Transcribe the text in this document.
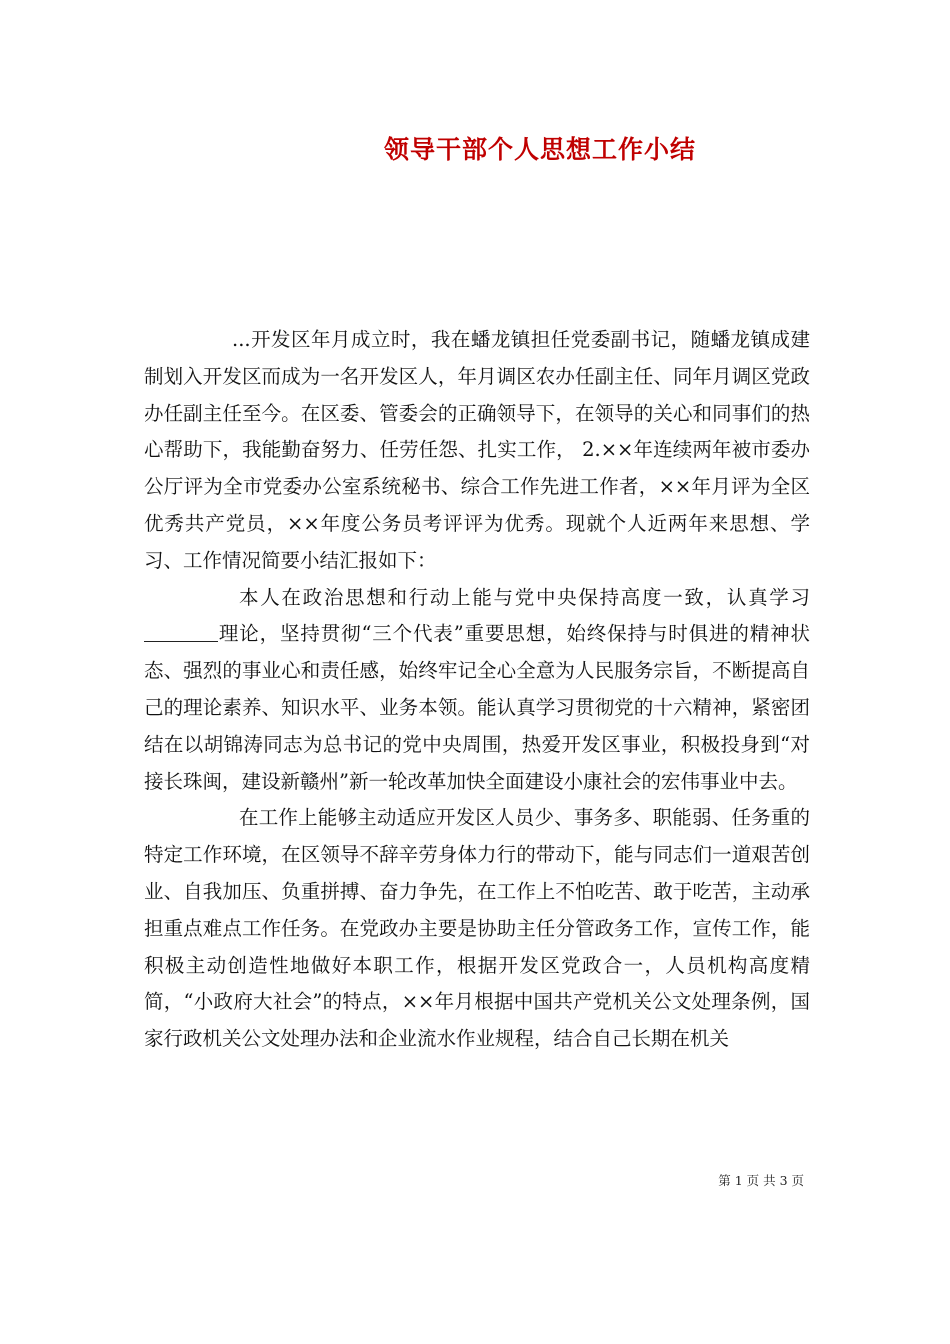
领导干部个人思想工作小结

...开发区年月成立时，我在蟠龙镇担任党委副书记，随蟠龙镇成建制划入开发区而成为一名开发区人，年月调区农办任副主任、同年月调区党政办任副主任至今。在区委、管委会的正确领导下，在领导的关心和同事们的热心帮助下，我能勤奋努力、任劳任怨、扎实工作， 2.××年连续两年被市委办公厅评为全市党委办公室系统秘书、综合工作先进工作者，××年月评为全区优秀共产党员，××年度公务员考评评为优秀。现就个人近两年来思想、学习、工作情况简要小结汇报如下：

本人在政治思想和行动上能与党中央保持高度一致，认真学习理论，坚持贯彻“三个代表”重要思想，始终保持与时俱进的精神状态、强烈的事业心和责任感，始终牢记全心全意为人民服务宗旨，不断提高自己的理论素养、知识水平、业务本领。能认真学习贯彻党的十六精神，紧密团结在以胡锦涛同志为总书记的党中央周围，热爱开发区事业，积极投身到“对接长珠闽，建设新赣州”新一轮改革加快全面建设小康社会的宏伟事业中去。

在工作上能够主动适应开发区人员少、事务多、职能弱、任务重的特定工作环境，在区领导不辞辛劳身体力行的带动下，能与同志们一道艰苦创业、自我加压、负重拼搏、奋力争先，在工作上不怕吃苦、敢于吃苦，主动承担重点难点工作任务。在党政办主要是协助主任分管政务工作，宣传工作，能积极主动创造性地做好本职工作，根据开发区党政合一，人员机构高度精简，“小政府大社会”的特点，××年月根据中国共产党机关公文处理条例，国家行政机关公文处理办法和企业流水作业规程，结合自己长期在机关

第 1 页 共 3 页
